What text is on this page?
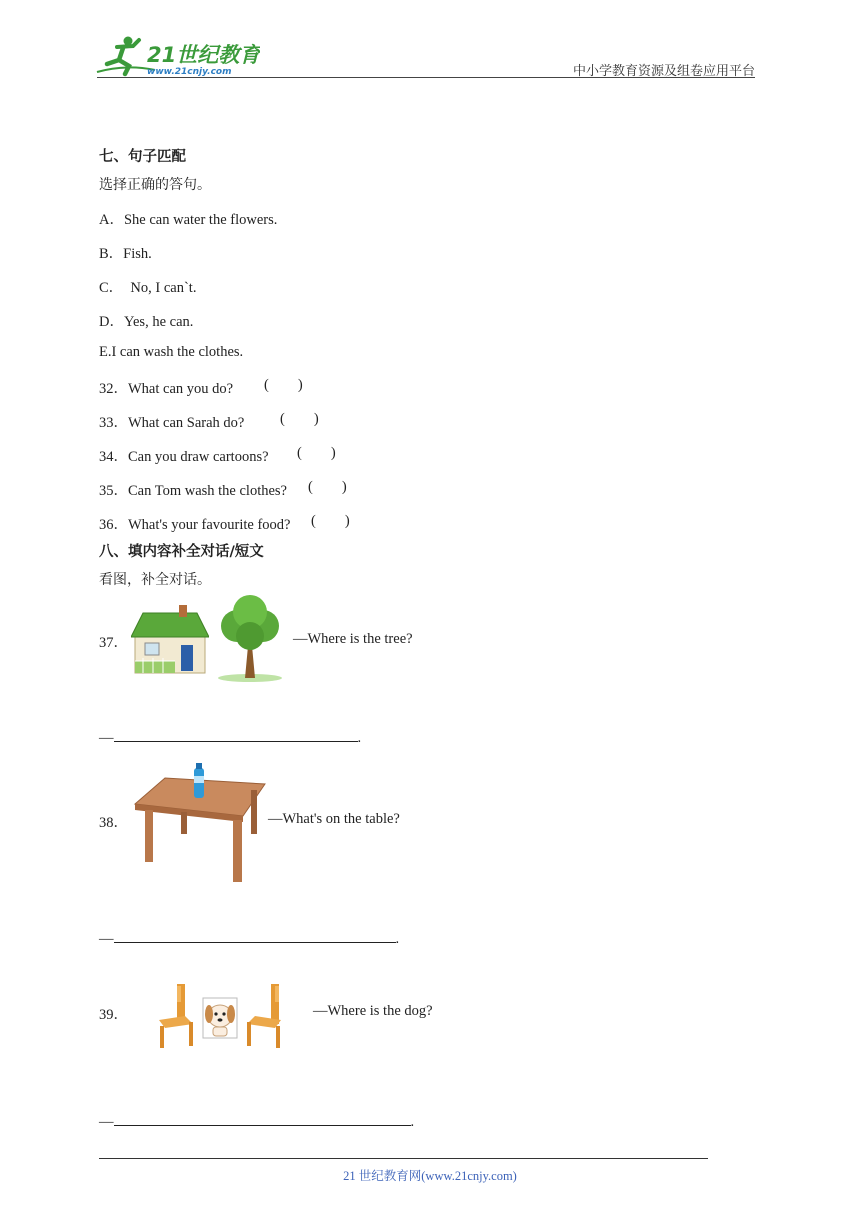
21世纪教育
www.21cnjy.com	中小学教育资源及组卷应用平台
七、句子匹配
选择正确的答句。
A．She can water the flowers.
B．Fish.
C．  No, I can`t.
D．Yes, he can.
E.I can wash the clothes.
32．What can you do? (        )
33．What can Sarah do? (        )
34．Can you draw cartoons? (        )
35．Can Tom wash the clothes? (        )
36．What's your favourite food? (        )
八、填内容补全对话/短文
看图，补全对话。
37．	—Where is the tree?
—	.
38．	—What's on the table?
—	.
39．	—Where is the dog?
—	.
21 世纪教育网(www.21cnjy.com)
